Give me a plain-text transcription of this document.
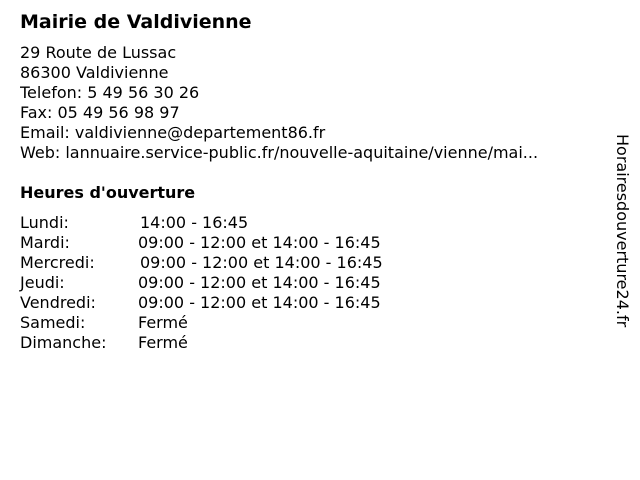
Mairie de Valdivienne
29 Route de Lussac
86300 Valdivienne
Telefon: 5 49 56 30 26
Fax: 05 49 56 98 97
Email: valdivienne@departement86.fr
Web: lannuaire.service-public.fr/nouvelle-aquitaine/vienne/mai...
Heures d'ouverture
Lundi:	14:00 - 16:45
Mardi:	09:00 - 12:00 et 14:00 - 16:45
Mercredi:	09:00 - 12:00 et 14:00 - 16:45
Jeudi:	09:00 - 12:00 et 14:00 - 16:45
Vendredi:	09:00 - 12:00 et 14:00 - 16:45
Samedi:	Fermé
Dimanche: Fermé
Horairesdouverture24.fr
